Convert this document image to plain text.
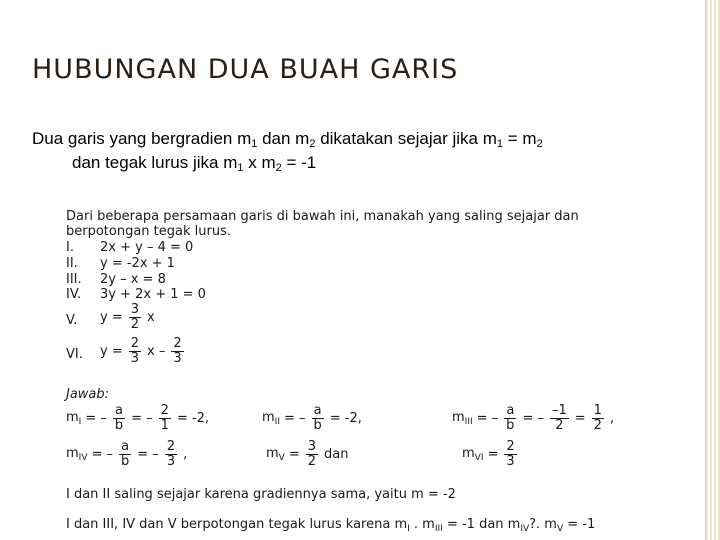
HUBUNGAN DUA BUAH GARIS
Dua garis yang bergradien $m_1$ dan $m_2$ dikatakan sejajar jika $m_1 = m_2$
dan tegak lurus jika $m_1$ x $m_2 = -1$
Dari beberapa persamaan garis di bawah ini, manakah yang saling sejajar dan
berpotongan tegak lurus.
I. 2x + y – 4 = 0
II. y = -2x + 1
III. 2y – x = 8
IV. 3y + 2x + 1 = 0
V. $y = \frac{3}{2}$ x
VI. $y = \frac{2}{3}$ x – $\frac{2}{3}$
Jawab:
$m_I$ = – $\frac{a}{b}$ = – $\frac{2}{1} = -2$,	$m_{II}$ = – $\frac{a}{b} = -2$,	$m_{III}$ = – $\frac{a}{b}$ = – $\frac{-1}{2} = \frac{1}{2}$ ,
$m_{IV}$ = – $\frac{a}{b}$ = – $\frac{2}{3}$ ,	$m_V = \frac{3}{2}$ dan	$m_{VI} = \frac{2}{3}$
I dan II saling sejajar karena gradiennya sama, yaitu m = -2
I dan III, IV dan V berpotongan tegak lurus karena $m_I$ . $m_{III} = -1$ dan $m_{IV}$?. $m_V = -1$
